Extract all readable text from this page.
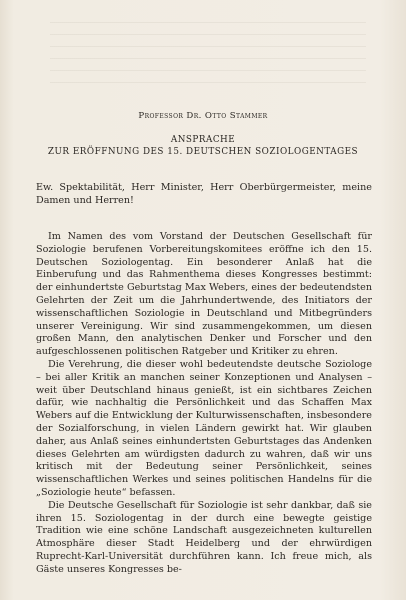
Professor Dr. Otto Stammer
ANSPRACHE
ZUR ERÖFFNUNG DES 15. DEUTSCHEN SOZIOLOGENTAGES

Ew. Spektabilität, Herr Minister, Herr Oberbürgermeister, meine Damen und Herren!

Im Namen des vom Vorstand der Deutschen Gesellschaft für Soziologie berufenen Vorbereitungskomitees eröffne ich den 15. Deutschen Soziologentag. Ein besonderer Anlaß hat die Einberufung und das Rahmenthema dieses Kongresses bestimmt: der einhundertste Geburtstag Max Webers, eines der bedeutendsten Gelehrten der Zeit um die Jahrhundertwende, des Initiators der wissenschaftlichen Soziologie in Deutschland und Mitbegründers unserer Vereinigung. Wir sind zusammengekommen, um diesen großen Mann, den analytischen Denker und Forscher und den aufgeschlossenen politischen Ratgeber und Kritiker zu ehren.

Die Verehrung, die dieser wohl bedeutendste deutsche Soziologe – bei aller Kritik an manchen seiner Konzeptionen und Analysen – weit über Deutschland hinaus genießt, ist ein sichtbares Zeichen dafür, wie nachhaltig die Persönlichkeit und das Schaffen Max Webers auf die Entwicklung der Kulturwissenschaften, insbesondere der Sozialforschung, in vielen Ländern gewirkt hat. Wir glauben daher, aus Anlaß seines einhundertsten Geburtstages das Andenken dieses Gelehrten am würdigsten dadurch zu wahren, daß wir uns kritisch mit der Bedeutung seiner Persönlichkeit, seines wissenschaftlichen Werkes und seines politischen Handelns für die „Soziologie heute“ befassen.

Die Deutsche Gesellschaft für Soziologie ist sehr dankbar, daß sie ihren 15. Soziologentag in der durch eine bewegte geistige Tradition wie eine schöne Landschaft ausgezeichneten kulturellen Atmosphäre dieser Stadt Heidelberg und der ehrwürdigen Ruprecht-Karl-Universität durchführen kann. Ich freue mich, als Gäste unseres Kongresses be-
